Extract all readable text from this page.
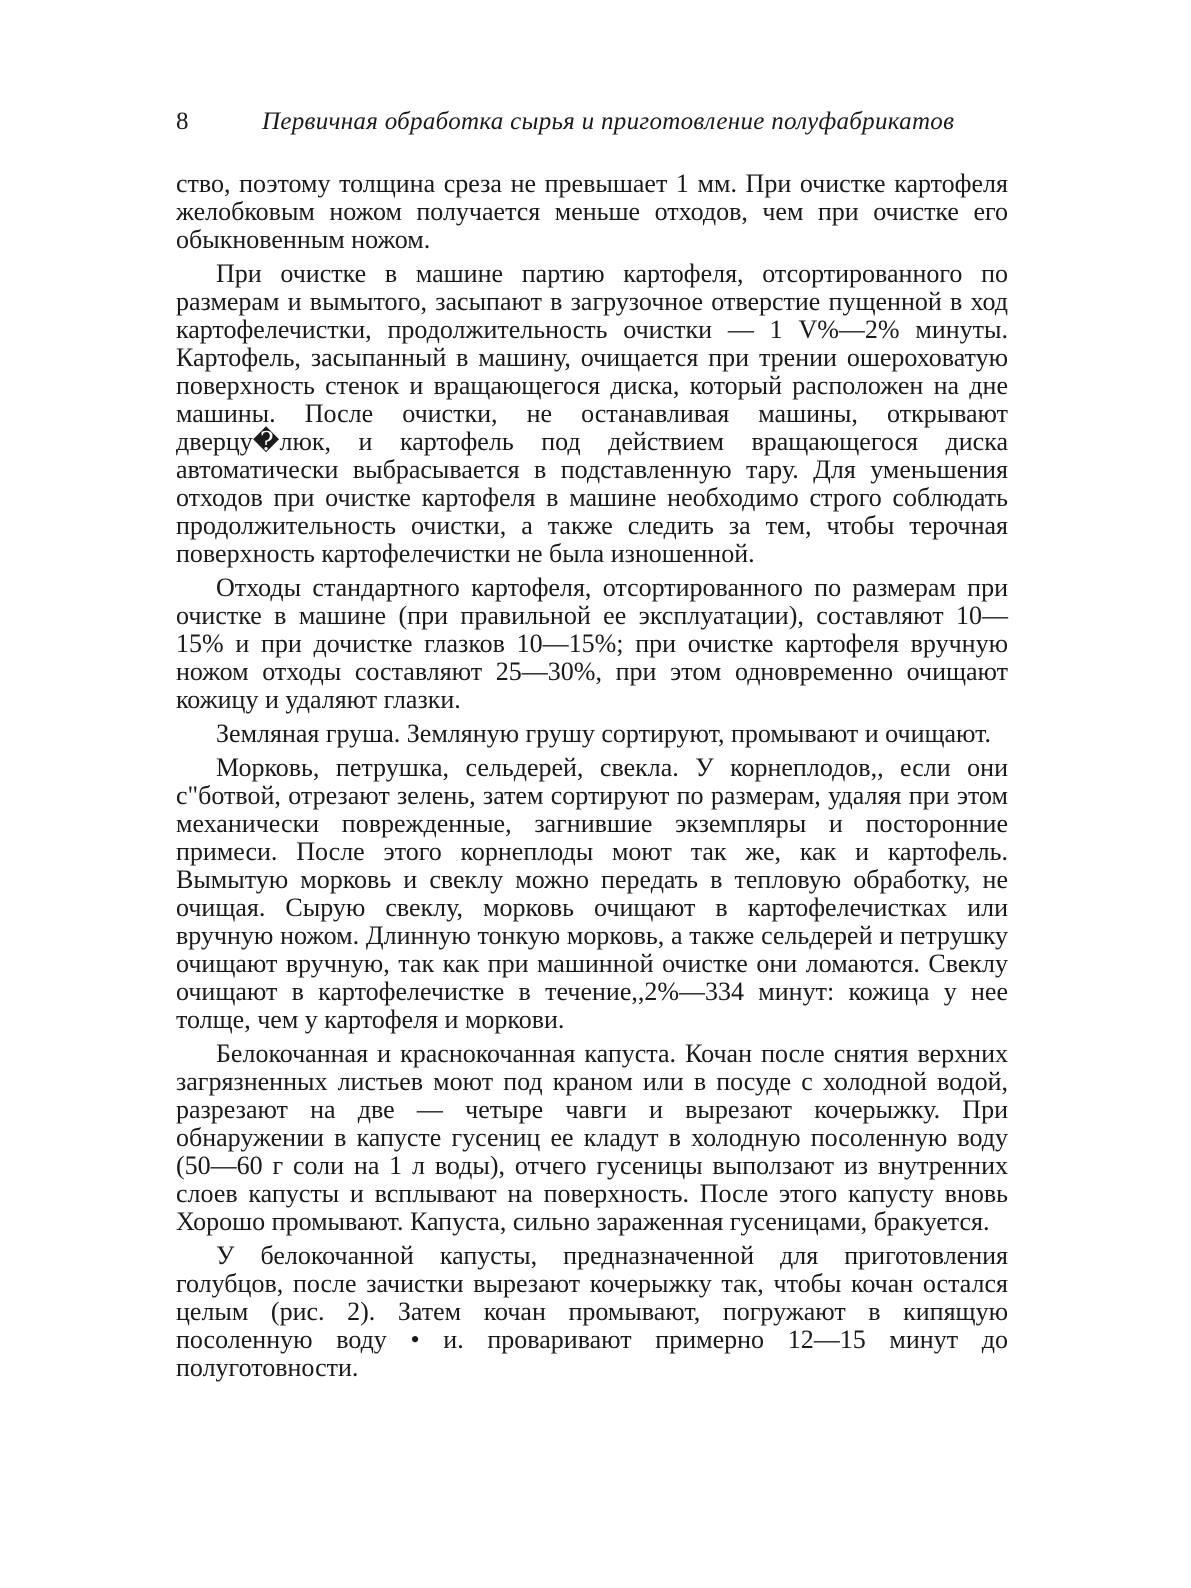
8	Первичная обработка сырья и приготовление полуфабрикатов

ство, поэтому толщина среза не превышает 1 мм. При очистке картофеля желобковым ножом получается меньше отходов, чем при очистке его обыкновенным ножом.

При очистке в машине партию картофеля, отсортированного по размерам и вымытого, засыпают в загрузочное отверстие пущенной в ход картофелечистки, продолжительность очистки — 1 V%—2% минуты. Картофель, засыпанный в машину, очищается при трении ошероховатую поверхность стенок и вращающегося диска, который расположен на дне машины. После очистки, не останавливая машины, открывают дверцу�люк, и картофель под действием вращающегося диска автоматически выбрасывается в подставленную тару. Для уменьшения отходов при очистке картофеля в машине необходимо строго соблюдать продолжительность очистки, а также следить за тем, чтобы терочная поверхность картофелечистки не была изношенной.

Отходы стандартного картофеля, отсортированного по размерам при очистке в машине (при правильной ее эксплуатации), составляют 10—15% и при дочистке глазков 10—15%; при очистке картофеля вручную ножом отходы составляют 25—30%, при этом одновременно очищают кожицу и удаляют глазки.

Земляная груша. Земляную грушу сортируют, промывают и очищают.

Морковь, петрушка, сельдерей, свекла. У корнеплодов,, если они с"ботвой, отрезают зелень, затем сортируют по размерам, удаляя при этом механически поврежденные, загнившие экземпляры и посторонние примеси. После этого корнеплоды моют так же, как и картофель. Вымытую морковь и свеклу можно передать в тепловую обработку, не очищая. Сырую свеклу, морковь очищают в картофелечистках или вручную ножом. Длинную тонкую морковь, а также сельдерей и петрушку очищают вручную, так как при машинной очистке они ломаются. Свеклу очищают в картофелечистке в течение,,2%—334 минут: кожица у нее толще, чем у картофеля и моркови.

Белокочанная и краснокочанная капуста. Кочан после снятия верхних загрязненных листьев моют под краном или в посуде с холодной водой, разрезают на две — четыре чавги и вырезают кочерыжку. При обнаружении в капусте гусениц ее кладут в холодную посоленную воду (50—60 г соли на 1 л воды), отчего гусеницы выползают из внутренних слоев капусты и всплывают на поверхность. После этого капусту вновь Хорошо промывают. Капуста, сильно зараженная гусеницами, бракуется.

У белокочанной капусты, предназначенной для приготовления голубцов, после зачистки вырезают кочерыжку так, чтобы кочан остался целым (рис. 2). Затем кочан промывают, погружают в кипящую посоленную воду • и. проваривают примерно 12—15 минут до полуготовности.
